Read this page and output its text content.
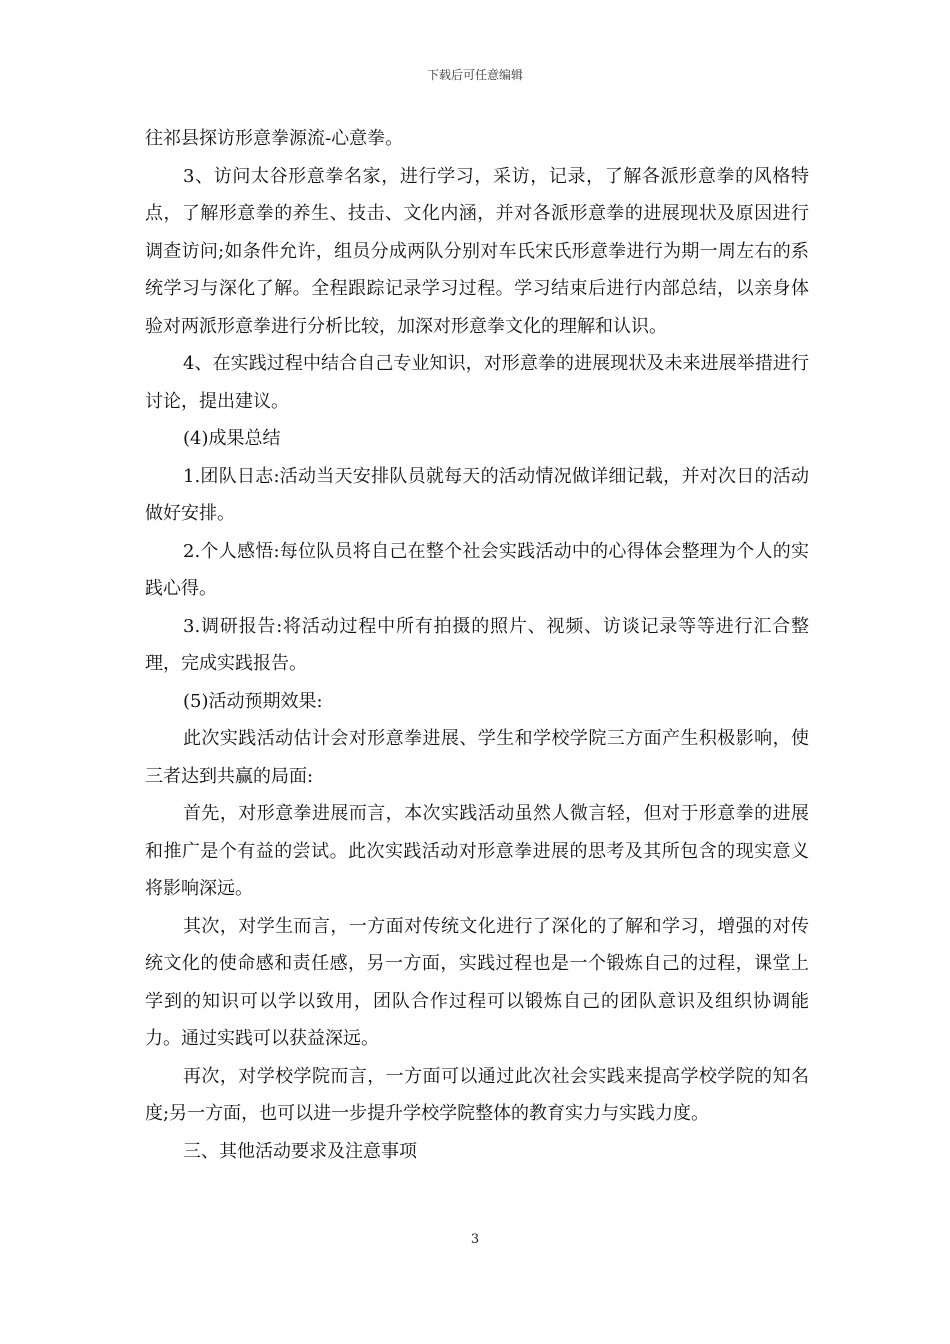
下载后可任意编辑

往祁县探访形意拳源流-心意拳。

3、访问太谷形意拳名家，进行学习，采访，记录，了解各派形意拳的风格特点，了解形意拳的养生、技击、文化内涵，并对各派形意拳的进展现状及原因进行调查访问;如条件允许，组员分成两队分别对车氏宋氏形意拳进行为期一周左右的系统学习与深化了解。全程跟踪记录学习过程。学习结束后进行内部总结，以亲身体验对两派形意拳进行分析比较，加深对形意拳文化的理解和认识。

4、在实践过程中结合自己专业知识，对形意拳的进展现状及未来进展举措进行讨论，提出建议。

(4)成果总结

1.团队日志:活动当天安排队员就每天的活动情况做详细记载，并对次日的活动做好安排。

2.个人感悟:每位队员将自己在整个社会实践活动中的心得体会整理为个人的实践心得。

3.调研报告:将活动过程中所有拍摄的照片、视频、访谈记录等等进行汇合整理，完成实践报告。

(5)活动预期效果:

此次实践活动估计会对形意拳进展、学生和学校学院三方面产生积极影响，使三者达到共赢的局面:

首先，对形意拳进展而言，本次实践活动虽然人微言轻，但对于形意拳的进展和推广是个有益的尝试。此次实践活动对形意拳进展的思考及其所包含的现实意义将影响深远。

其次，对学生而言，一方面对传统文化进行了深化的了解和学习，增强的对传统文化的使命感和责任感，另一方面，实践过程也是一个锻炼自己的过程，课堂上学到的知识可以学以致用，团队合作过程可以锻炼自己的团队意识及组织协调能力。通过实践可以获益深远。

再次，对学校学院而言，一方面可以通过此次社会实践来提高学校学院的知名度;另一方面，也可以进一步提升学校学院整体的教育实力与实践力度。

三、其他活动要求及注意事项

3
